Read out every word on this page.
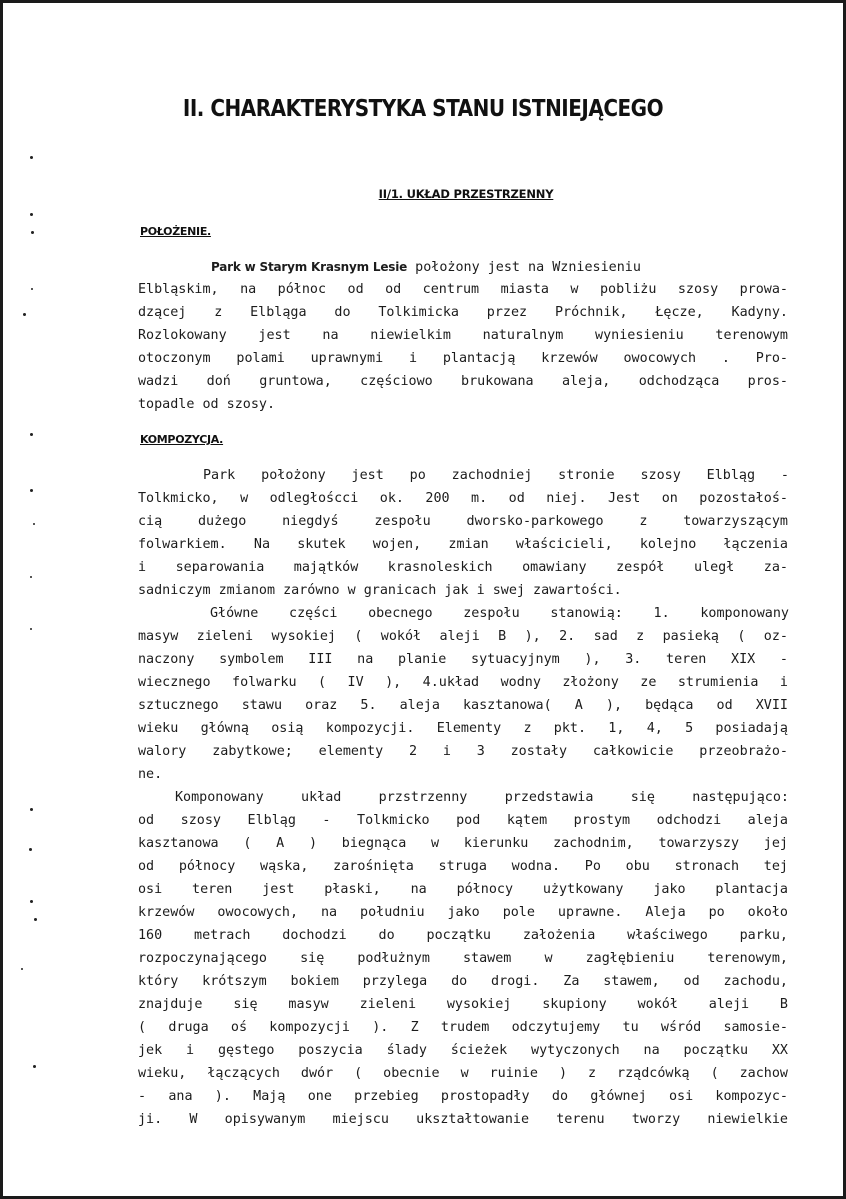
II. CHARAKTERYSTYKA STANU ISTNIEJĄCEGO
II/1. UKŁAD PRZESTRZENNY
POŁOŻENIE.
Park w Starym Krasnym Lesie położony jest na Wzniesieniu
Elbląskim, na północ od od centrum miasta w pobliżu szosy prowa-
dzącej z Elbląga do Tolkimicka przez Próchnik, Łęcze, Kadyny.
Rozlokowany jest na niewielkim naturalnym wyniesieniu terenowym
otoczonym polami uprawnymi i plantacją krzewów owocowych . Pro-
wadzi doń gruntowa, częściowo brukowana aleja, odchodząca pros-
topadle od szosy.
KOMPOZYCJA.
Park położony jest po zachodniej stronie szosy Elbląg -
Tolkmicko, w odległoścci ok. 200 m. od niej. Jest on pozostałoś-
cią dużego niegdyś zespołu dworsko-parkowego z towarzyszącym
folwarkiem. Na skutek wojen, zmian właścicieli, kolejno łączenia
i separowania majątków krasnoleskich omawiany zespół uległ za-
sadniczym zmianom zarówno w granicach jak i swej zawartości.
Główne części obecnego zespołu stanowią: 1. komponowany
masyw zieleni wysokiej ( wokół aleji B ), 2. sad z pasieką ( oz-
naczony symbolem III na planie sytuacyjnym ), 3. teren XIX -
wiecznego folwarku ( IV ), 4.układ wodny złożony ze strumienia i
sztucznego stawu oraz 5. aleja kasztanowa( A ), będąca od XVII
wieku główną osią kompozycji. Elementy z pkt. 1, 4, 5 posiadają
walory zabytkowe; elementy 2 i 3 zostały całkowicie przeobrażo-
ne.
Komponowany układ przstrzenny przedstawia się następująco:
od szosy Elbląg - Tolkmicko pod kątem prostym odchodzi aleja
kasztanowa ( A ) biegnąca w kierunku zachodnim, towarzyszy jej
od północy wąska, zarośnięta struga wodna. Po obu stronach tej
osi teren jest płaski, na północy użytkowany jako plantacja
krzewów owocowych, na południu jako pole uprawne. Aleja po około
160 metrach dochodzi do początku założenia właściwego parku,
rozpoczynającego się podłużnym stawem w zagłębieniu terenowym,
który krótszym bokiem przylega do drogi. Za stawem, od zachodu,
znajduje się masyw zieleni wysokiej skupiony wokół aleji B
( druga oś kompozycji ). Z trudem odczytujemy tu wśród samosie-
jek i gęstego poszycia ślady ścieżek wytyczonych na początku XX
wieku, łączących dwór ( obecnie w ruinie ) z rządcówką ( zachow
- ana ). Mają one przebieg prostopadły do głównej osi kompozyc-
ji. W opisywanym miejscu ukształtowanie terenu tworzy niewielkie
